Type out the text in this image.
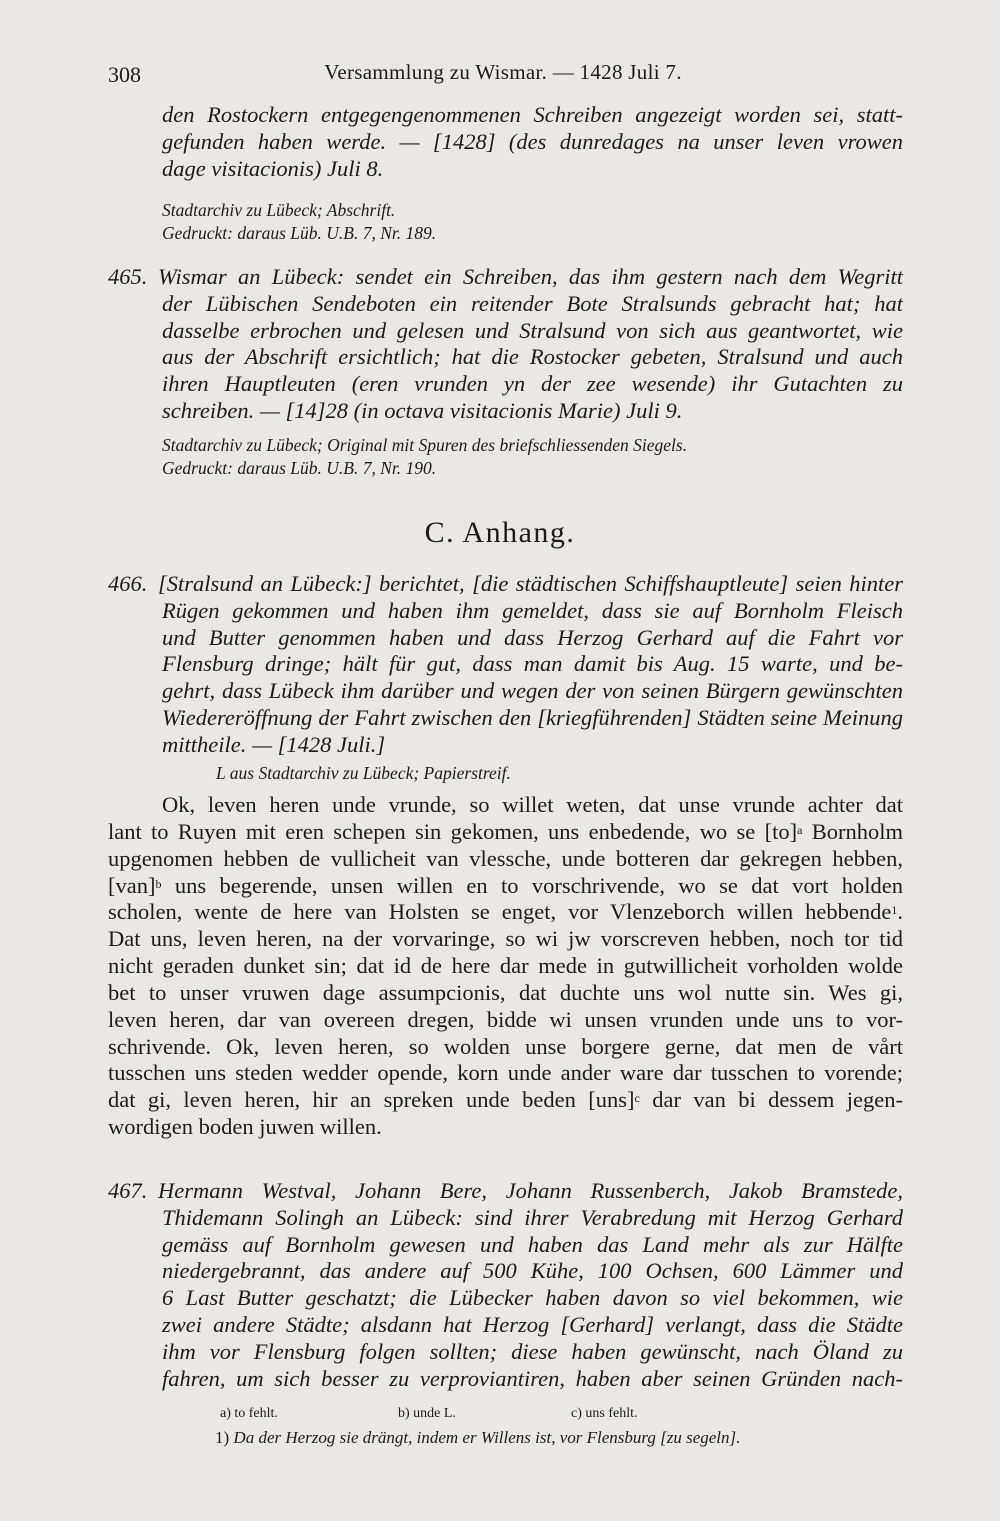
308	Versammlung zu Wismar. — 1428 Juli 7.
den Rostockern entgegengenommenen Schreiben angezeigt worden sei, statt-
gefunden haben werde. — [1428] (des dunredages na unser leven vrowen
dage visitacionis) Juli 8.
Stadtarchiv zu Lübeck; Abschrift.
Gedruckt: daraus Lüb. U.B. 7, Nr. 189.
465. Wismar an Lübeck: sendet ein Schreiben, das ihm gestern nach dem Wegritt
der Lübischen Sendeboten ein reitender Bote Stralsunds gebracht hat; hat
dasselbe erbrochen und gelesen und Stralsund von sich aus geantwortet, wie
aus der Abschrift ersichtlich; hat die Rostocker gebeten, Stralsund und auch
ihren Hauptleuten (eren vrunden yn der zee wesende) ihr Gutachten zu
schreiben. — [14]28 (in octava visitacionis Marie) Juli 9.
Stadtarchiv zu Lübeck; Original mit Spuren des briefschliessenden Siegels.
Gedruckt: daraus Lüb. U.B. 7, Nr. 190.
C. Anhang.
466. [Stralsund an Lübeck:] berichtet, [die städtischen Schiffshauptleute] seien hinter
Rügen gekommen und haben ihm gemeldet, dass sie auf Bornholm Fleisch
und Butter genommen haben und dass Herzog Gerhard auf die Fahrt vor
Flensburg dringe; hält für gut, dass man damit bis Aug. 15 warte, und be-
gehrt, dass Lübeck ihm darüber und wegen der von seinen Bürgern gewünschten
Wiedereröffnung der Fahrt zwischen den [kriegführenden] Städten seine Meinung
mittheile. — [1428 Juli.]
L aus Stadtarchiv zu Lübeck; Papierstreif.
Ok, leven heren unde vrunde, so willet weten, dat unse vrunde achter dat
lant to Ruyen mit eren schepen sin gekomen, uns enbedende, wo se [to]$^a$ Bornholm
upgenomen hebben de vullicheit van vlessche, unde botteren dar gekregen hebben,
[van]$^b$ uns begerende, unsen willen en to vorschrivende, wo se dat vort holden
scholen, wente de here van Holsten se enget, vor Vlenzeborch willen hebbende$^1$.
Dat uns, leven heren, na der vorvaringe, so wi jw vorscreven hebben, noch tor tid
nicht geraden dunket sin; dat id de here dar mede in gutwillicheit vorholden wolde
bet to unser vruwen dage assumpcionis, dat duchte uns wol nutte sin. Wes gi,
leven heren, dar van overeen dregen, bidde wi unsen vrunden unde uns to vor-
schrivende. Ok, leven heren, so wolden unse borgere gerne, dat men de vårt
tusschen uns steden wedder opende, korn unde ander ware dar tusschen to vorende;
dat gi, leven heren, hir an spreken unde beden [uns]$^c$ dar van bi dessem jegen-
wordigen boden juwen willen.
467. Hermann Westval, Johann Bere, Johann Russenberch, Jakob Bramstede,
Thidemann Solingh an Lübeck: sind ihrer Verabredung mit Herzog Gerhard
gemäss auf Bornholm gewesen und haben das Land mehr als zur Hälfte
niedergebrannt, das andere auf 500 Kühe, 100 Ochsen, 600 Lämmer und
6 Last Butter geschatzt; die Lübecker haben davon so viel bekommen, wie
zwei andere Städte; alsdann hat Herzog [Gerhard] verlangt, dass die Städte
ihm vor Flensburg folgen sollten; diese haben gewünscht, nach Öland zu
fahren, um sich besser zu verproviantiren, haben aber seinen Gründen nach-
a) to fehlt.	b) unde L.	c) uns fehlt.
1) Da der Herzog sie drängt, indem er Willens ist, vor Flensburg [zu segeln].
